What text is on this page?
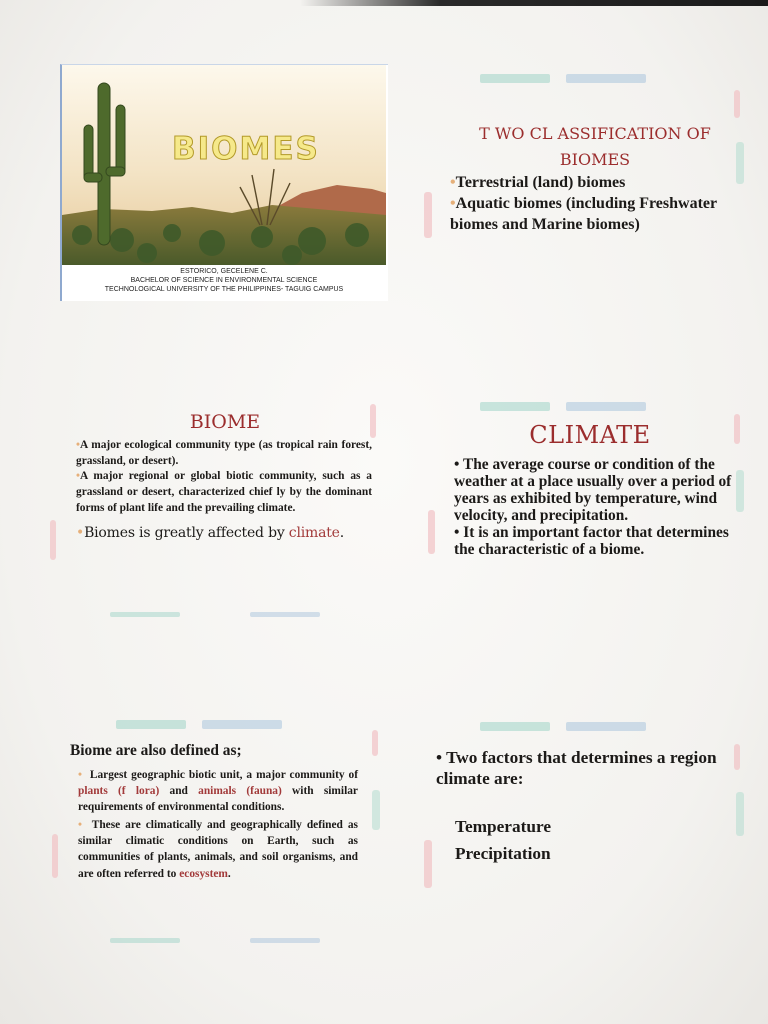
BIOMES
ESTORICO, GECELENE C.
BACHELOR OF SCIENCE IN ENVIRONMENTAL SCIENCE
TECHNOLOGICAL UNIVERSITY OF THE PHILIPPINES- TAGUIG CAMPUS
T WO CL ASSIFICATION OF
BIOMES
•Terrestrial (land) biomes
•Aquatic biomes (including Freshwater biomes and Marine biomes)
BIOME
•A major ecological community type (as tropical rain forest, grassland, or desert).
•A major regional or global biotic community, such as a grassland or desert, characterized chief ly by the dominant forms of plant life and the prevailing climate.
•Biomes is greatly affected by climate.
CLIMATE
• The average course or condition of the weather at a place usually over a period of years as exhibited by temperature, wind velocity, and precipitation.
• It is an important factor that determines the characteristic of a biome.
Biome are also defined as;
• Largest geographic biotic unit, a major community of plants (f lora) and animals (fauna) with similar requirements of environmental conditions.
• These are climatically and geographically defined as similar climatic conditions on Earth, such as communities of plants, animals, and soil organisms, and are often referred to ecosystem.
• Two factors that determines a region climate are:
Temperature
Precipitation
